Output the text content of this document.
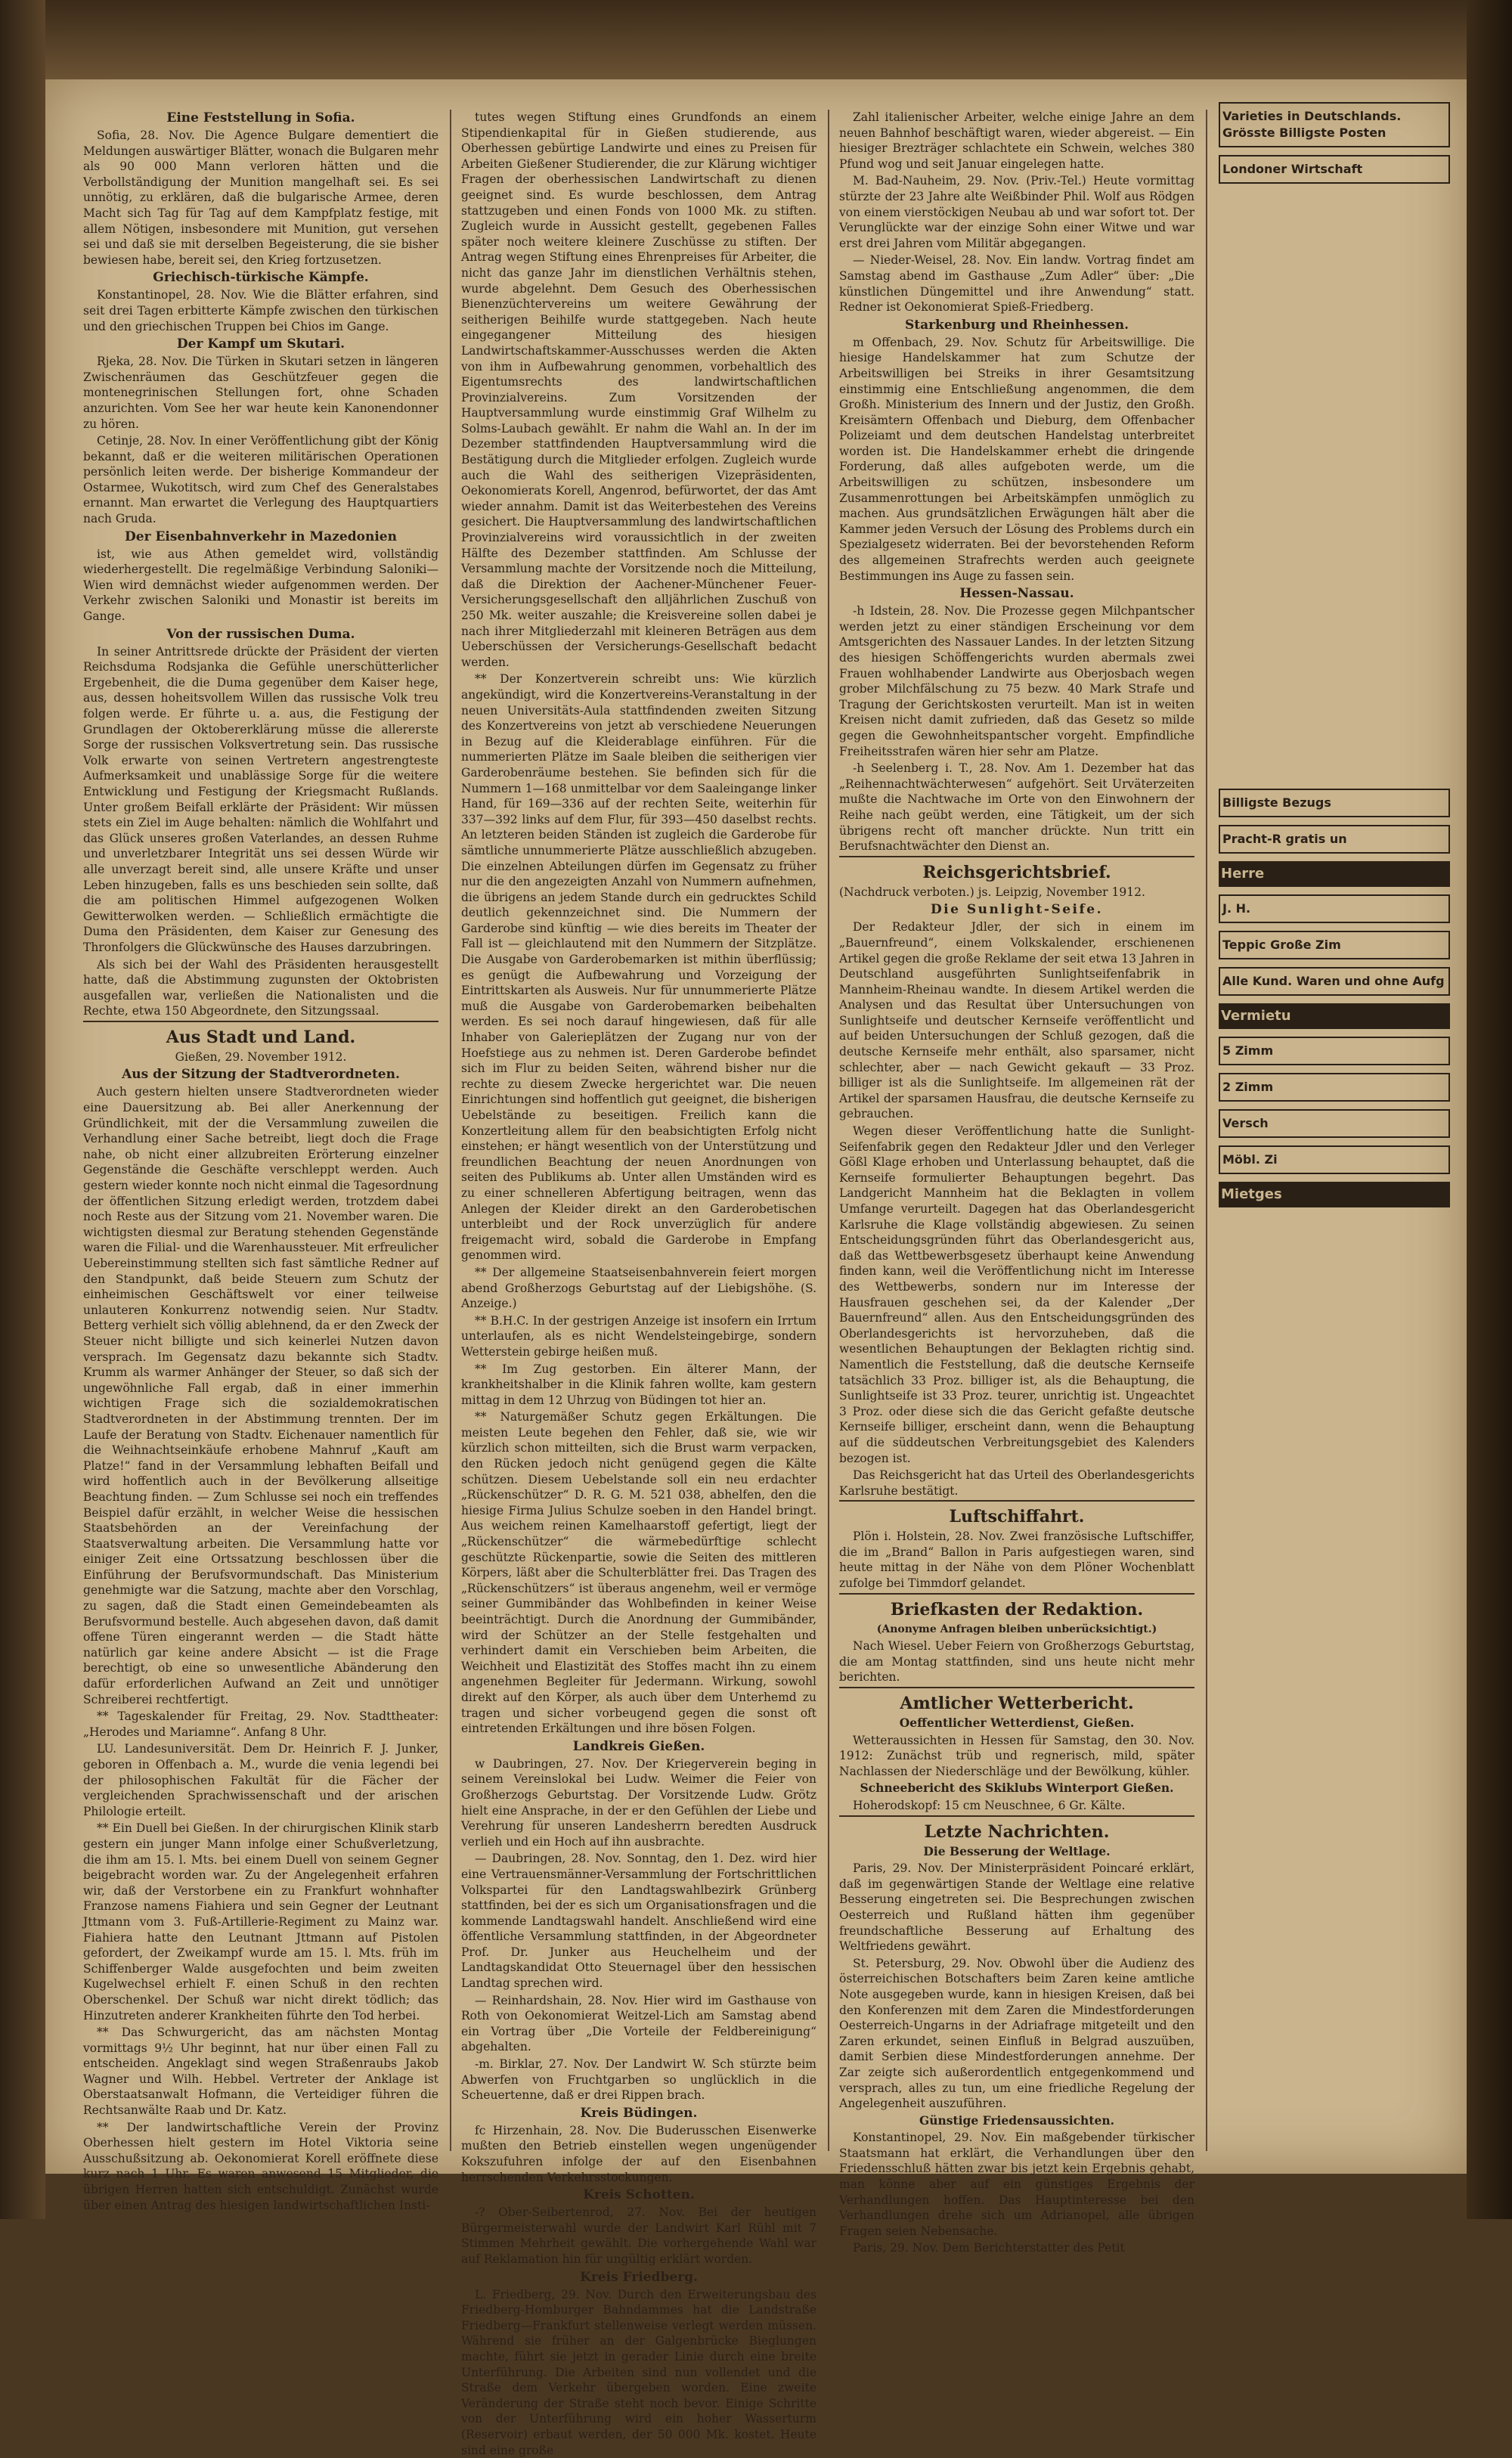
Eine Feststellung in Sofia.

Sofia, 28. Nov. Die Agence Bulgare dementiert die Meldungen auswärtiger Blätter, wonach die Bulgaren mehr als 90 000 Mann verloren hätten und die Verbollständigung der Munition mangelhaft sei. Es sei unnötig, zu erklären, daß die bulgarische Armee, deren Macht sich Tag für Tag auf dem Kampfplatz festige, mit allem Nötigen, insbesondere mit Munition, gut versehen sei und daß sie mit derselben Begeisterung, die sie bisher bewiesen habe, bereit sei, den Krieg fortzusetzen.

Griechisch-türkische Kämpfe.

Konstantinopel, 28. Nov. Wie die Blätter erfahren, sind seit drei Tagen erbitterte Kämpfe zwischen den türkischen und den griechischen Truppen bei Chios im Gange.

Der Kampf um Skutari.

Rjeka, 28. Nov. Die Türken in Skutari setzen in längeren Zwischenräumen das Geschützfeuer gegen die montenegrinischen Stellungen fort, ohne Schaden anzurichten. Vom See her war heute kein Kanonendonner zu hören.

Cetinje, 28. Nov. In einer Veröffentlichung gibt der König bekannt, daß er die weiteren militärischen Operationen persönlich leiten werde. Der bisherige Kommandeur der Ostarmee, Wukotitsch, wird zum Chef des Generalstabes ernannt. Man erwartet die Verlegung des Hauptquartiers nach Gruda.

Der Eisenbahnverkehr in Mazedonien

ist, wie aus Athen gemeldet wird, vollständig wiederhergestellt. Die regelmäßige Verbindung Saloniki—Wien wird demnächst wieder aufgenommen werden. Der Verkehr zwischen Saloniki und Monastir ist bereits im Gange.

Von der russischen Duma.

In seiner Antrittsrede drückte der Präsident der vierten Reichsduma Rodsjanka die Gefühle unerschütterlicher Ergebenheit, die die Duma gegenüber dem Kaiser hege, aus, dessen hoheitsvollem Willen das russische Volk treu folgen werde. Er führte u. a. aus, die Festigung der Grundlagen der Oktobererklärung müsse die allererste Sorge der russischen Volksvertretung sein. Das russische Volk erwarte von seinen Vertretern angestrengteste Aufmerksamkeit und unablässige Sorge für die weitere Entwicklung und Festigung der Kriegsmacht Rußlands. Unter großem Beifall erklärte der Präsident: Wir müssen stets ein Ziel im Auge behalten: nämlich die Wohlfahrt und das Glück unseres großen Vaterlandes, an dessen Ruhme und unverletzbarer Integrität uns sei dessen Würde wir alle unverzagt bereit sind, alle unsere Kräfte und unser Leben hinzugeben, falls es uns beschieden sein sollte, daß die am politischen Himmel aufgezogenen Wolken Gewitterwolken werden. — Schließlich ermächtigte die Duma den Präsidenten, dem Kaiser zur Genesung des Thronfolgers die Glückwünsche des Hauses darzubringen.

Als sich bei der Wahl des Präsidenten herausgestellt hatte, daß die Abstimmung zugunsten der Oktobristen ausgefallen war, verließen die Nationalisten und die Rechte, etwa 150 Abgeordnete, den Sitzungssaal.

Aus Stadt und Land.

Gießen, 29. November 1912.

Aus der Sitzung der Stadtverordneten.

Auch gestern hielten unsere Stadtverordneten wieder eine Dauersitzung ab. Bei aller Anerkennung der Gründlichkeit, mit der die Versammlung zuweilen die Verhandlung einer Sache betreibt, liegt doch die Frage nahe, ob nicht einer allzubreiten Erörterung einzelner Gegenstände die Geschäfte verschleppt werden. Auch gestern wieder konnte noch nicht einmal die Tagesordnung der öffentlichen Sitzung erledigt werden, trotzdem dabei noch Reste aus der Sitzung vom 21. November waren. Die wichtigsten diesmal zur Beratung stehenden Gegenstände waren die Filial- und die Warenhaussteuer. Mit erfreulicher Uebereinstimmung stellten sich fast sämtliche Redner auf den Standpunkt, daß beide Steuern zum Schutz der einheimischen Geschäftswelt vor einer teilweise unlauteren Konkurrenz notwendig seien. Nur Stadtv. Betterg verhielt sich völlig ablehnend, da er den Zweck der Steuer nicht billigte und sich keinerlei Nutzen davon versprach. Im Gegensatz dazu bekannte sich Stadtv. Krumm als warmer Anhänger der Steuer, so daß sich der ungewöhnliche Fall ergab, daß in einer immerhin wichtigen Frage sich die sozialdemokratischen Stadtverordneten in der Abstimmung trennten. Der im Laufe der Beratung von Stadtv. Eichenauer namentlich für die Weihnachtseinkäufe erhobene Mahnruf „Kauft am Platze!“ fand in der Versammlung lebhaften Beifall und wird hoffentlich auch in der Bevölkerung allseitige Beachtung finden. — Zum Schlusse sei noch ein treffendes Beispiel dafür erzählt, in welcher Weise die hessischen Staatsbehörden an der Vereinfachung der Staatsverwaltung arbeiten. Die Versammlung hatte vor einiger Zeit eine Ortssatzung beschlossen über die Einführung der Berufsvormundschaft. Das Ministerium genehmigte war die Satzung, machte aber den Vorschlag, zu sagen, daß die Stadt einen Gemeindebeamten als Berufsvormund bestelle. Auch abgesehen davon, daß damit offene Türen eingerannt werden — die Stadt hätte natürlich gar keine andere Absicht — ist die Frage berechtigt, ob eine so unwesentliche Abänderung den dafür erforderlichen Aufwand an Zeit und unnötiger Schreiberei rechtfertigt.

** Tageskalender für Freitag, 29. Nov. Stadttheater: „Herodes und Mariamne“. Anfang 8 Uhr.

LU. Landesuniversität. Dem Dr. Heinrich F. J. Junker, geboren in Offenbach a. M., wurde die venia legendi bei der philosophischen Fakultät für die Fächer der vergleichenden Sprachwissenschaft und der arischen Philologie erteilt.

** Ein Duell bei Gießen. In der chirurgischen Klinik starb gestern ein junger Mann infolge einer Schußverletzung, die ihm am 15. l. Mts. bei einem Duell von seinem Gegner beigebracht worden war. Zu der Angelegenheit erfahren wir, daß der Verstorbene ein zu Frankfurt wohnhafter Franzose namens Fiahiera und sein Gegner der Leutnant Jttmann vom 3. Fuß-Artillerie-Regiment zu Mainz war. Fiahiera hatte den Leutnant Jttmann auf Pistolen gefordert, der Zweikampf wurde am 15. l. Mts. früh im Schiffenberger Walde ausgefochten und beim zweiten Kugelwechsel erhielt F. einen Schuß in den rechten Oberschenkel. Der Schuß war nicht direkt tödlich; das Hinzutreten anderer Krankheiten führte den Tod herbei.

** Das Schwurgericht, das am nächsten Montag vormittags 9½ Uhr beginnt, hat nur über einen Fall zu entscheiden. Angeklagt sind wegen Straßenraubs Jakob Wagner und Wilh. Hebbel. Vertreter der Anklage ist Oberstaatsanwalt Hofmann, die Verteidiger führen die Rechtsanwälte Raab und Dr. Katz.

** Der landwirtschaftliche Verein der Provinz Oberhessen hielt gestern im Hotel Viktoria seine Ausschußsitzung ab. Oekonomierat Korell eröffnete diese kurz nach 1 Uhr. Es waren anwesend 15 Mitglieder, die übrigen Herren hatten sich entschuldigt. Zunächst wurde über einen Antrag des hiesigen landwirtschaftlichen Insti-

tutes wegen Stiftung eines Grundfonds an einem Stipendienkapital für in Gießen studierende, aus Oberhessen gebürtige Landwirte und eines zu Preisen für Arbeiten Gießener Studierender, die zur Klärung wichtiger Fragen der oberhessischen Landwirtschaft zu dienen geeignet sind. Es wurde beschlossen, dem Antrag stattzugeben und einen Fonds von 1000 Mk. zu stiften. Zugleich wurde in Aussicht gestellt, gegebenen Falles später noch weitere kleinere Zuschüsse zu stiften. Der Antrag wegen Stiftung eines Ehrenpreises für Arbeiter, die nicht das ganze Jahr im dienstlichen Verhältnis stehen, wurde abgelehnt. Dem Gesuch des Oberhessischen Bienenzüchtervereins um weitere Gewährung der seitherigen Beihilfe wurde stattgegeben. Nach heute eingegangener Mitteilung des hiesigen Landwirtschaftskammer-Ausschusses werden die Akten von ihm in Aufbewahrung genommen, vorbehaltlich des Eigentumsrechts des landwirtschaftlichen Provinzialvereins. Zum Vorsitzenden der Hauptversammlung wurde einstimmig Graf Wilhelm zu Solms-Laubach gewählt. Er nahm die Wahl an. In der im Dezember stattfindenden Hauptversammlung wird die Bestätigung durch die Mitglieder erfolgen. Zugleich wurde auch die Wahl des seitherigen Vizepräsidenten, Oekonomierats Korell, Angenrod, befürwortet, der das Amt wieder annahm. Damit ist das Weiterbestehen des Vereins gesichert. Die Hauptversammlung des landwirtschaftlichen Provinzialvereins wird voraussichtlich in der zweiten Hälfte des Dezember stattfinden. Am Schlusse der Versammlung machte der Vorsitzende noch die Mitteilung, daß die Direktion der Aachener-Münchener Feuer-Versicherungsgesellschaft den alljährlichen Zuschuß von 250 Mk. weiter auszahle; die Kreisvereine sollen dabei je nach ihrer Mitgliederzahl mit kleineren Beträgen aus dem Ueberschüssen der Versicherungs-Gesellschaft bedacht werden.

** Der Konzertverein schreibt uns: Wie kürzlich angekündigt, wird die Konzertvereins-Veranstaltung in der neuen Universitäts-Aula stattfindenden zweiten Sitzung des Konzertvereins von jetzt ab verschiedene Neuerungen in Bezug auf die Kleiderablage einführen. Für die nummerierten Plätze im Saale bleiben die seitherigen vier Garderobenräume bestehen. Sie befinden sich für die Nummern 1—168 unmittelbar vor dem Saaleingange linker Hand, für 169—336 auf der rechten Seite, weiterhin für 337—392 links auf dem Flur, für 393—450 daselbst rechts. An letzteren beiden Ständen ist zugleich die Garderobe für sämtliche unnummerierte Plätze ausschließlich abzugeben. Die einzelnen Abteilungen dürfen im Gegensatz zu früher nur die den angezeigten Anzahl von Nummern aufnehmen, die übrigens an jedem Stande durch ein gedrucktes Schild deutlich gekennzeichnet sind. Die Nummern der Garderobe sind künftig — wie dies bereits im Theater der Fall ist — gleichlautend mit den Nummern der Sitzplätze. Die Ausgabe von Garderobemarken ist mithin überflüssig; es genügt die Aufbewahrung und Vorzeigung der Eintrittskarten als Ausweis. Nur für unnummerierte Plätze muß die Ausgabe von Garderobemarken beibehalten werden. Es sei noch darauf hingewiesen, daß für alle Inhaber von Galerieplätzen der Zugang nur von der Hoefstiege aus zu nehmen ist. Deren Garderobe befindet sich im Flur zu beiden Seiten, während bisher nur die rechte zu diesem Zwecke hergerichtet war. Die neuen Einrichtungen sind hoffentlich gut geeignet, die bisherigen Uebelstände zu beseitigen. Freilich kann die Konzertleitung allem für den beabsichtigten Erfolg nicht einstehen; er hängt wesentlich von der Unterstützung und freundlichen Beachtung der neuen Anordnungen von seiten des Publikums ab. Unter allen Umständen wird es zu einer schnelleren Abfertigung beitragen, wenn das Anlegen der Kleider direkt an den Garderobetischen unterbleibt und der Rock unverzüglich für andere freigemacht wird, sobald die Garderobe in Empfang genommen wird.

** Der allgemeine Staatseisenbahnverein feiert morgen abend Großherzogs Geburtstag auf der Liebigshöhe. (S. Anzeige.)

** B.H.C. In der gestrigen Anzeige ist insofern ein Irrtum unterlaufen, als es nicht Wendelsteingebirge, sondern Wetterstein gebirge heißen muß.

** Im Zug gestorben. Ein älterer Mann, der krankheitshalber in die Klinik fahren wollte, kam gestern mittag in dem 12 Uhrzug von Büdingen tot hier an.

** Naturgemäßer Schutz gegen Erkältungen. Die meisten Leute begehen den Fehler, daß sie, wie wir kürzlich schon mitteilten, sich die Brust warm verpacken, den Rücken jedoch nicht genügend gegen die Kälte schützen. Diesem Uebelstande soll ein neu erdachter „Rückenschützer“ D. R. G. M. 521 038, abhelfen, den die hiesige Firma Julius Schulze soeben in den Handel bringt. Aus weichem reinen Kamelhaarstoff gefertigt, liegt der „Rückenschützer“ die wärmebedürftige schlecht geschützte Rückenpartie, sowie die Seiten des mittleren Körpers, läßt aber die Schulterblätter frei. Das Tragen des „Rückenschützers“ ist überaus angenehm, weil er vermöge seiner Gummibänder das Wohlbefinden in keiner Weise beeinträchtigt. Durch die Anordnung der Gummibänder, wird der Schützer an der Stelle festgehalten und verhindert damit ein Verschieben beim Arbeiten, die Weichheit und Elastizität des Stoffes macht ihn zu einem angenehmen Begleiter für Jedermann. Wirkung, sowohl direkt auf den Körper, als auch über dem Unterhemd zu tragen und sicher vorbeugend gegen die sonst oft eintretenden Erkältungen und ihre bösen Folgen.

Landkreis Gießen.

w Daubringen, 27. Nov. Der Kriegerverein beging in seinem Vereinslokal bei Ludw. Weimer die Feier von Großherzogs Geburtstag. Der Vorsitzende Ludw. Grötz hielt eine Ansprache, in der er den Gefühlen der Liebe und Verehrung für unseren Landesherrn beredten Ausdruck verlieh und ein Hoch auf ihn ausbrachte.

— Daubringen, 28. Nov. Sonntag, den 1. Dez. wird hier eine Vertrauensmänner-Versammlung der Fortschrittlichen Volkspartei für den Landtagswahlbezirk Grünberg stattfinden, bei der es sich um Organisationsfragen und die kommende Landtagswahl handelt. Anschließend wird eine öffentliche Versammlung stattfinden, in der Abgeordneter Prof. Dr. Junker aus Heuchelheim und der Landtagskandidat Otto Steuernagel über den hessischen Landtag sprechen wird.

— Reinhardshain, 28. Nov. Hier wird im Gasthause von Roth von Oekonomierat Weitzel-Lich am Samstag abend ein Vortrag über „Die Vorteile der Feldbereinigung“ abgehalten.

-m. Birklar, 27. Nov. Der Landwirt W. Sch stürzte beim Abwerfen von Fruchtgarben so unglücklich in die Scheuertenne, daß er drei Rippen brach.

Kreis Büdingen.

fc Hirzenhain, 28. Nov. Die Buderusschen Eisenwerke mußten den Betrieb einstellen wegen ungenügender Kokszufuhren infolge der auf den Eisenbahnen herrschenden Verkehrsstockungen.

Kreis Schotten.

-? Ober-Seibertenrod, 27. Nov. Bei der heutigen Bürgermeisterwahl wurde der Landwirt Karl Rühl mit 7 Stimmen Mehrheit gewählt. Die vorhergehende Wahl war auf Reklamation hin für ungültig erklärt worden.

Kreis Friedberg.

L. Friedberg, 29. Nov. Durch den Erweiterungsbau des Friedberg-Homburger Bahndammes hat die Landstraße Friedberg—Frankfurt stellenweise verlegt werden müssen. Während sie früher an der Galgenbrücke Bieglungen machte, führt sie jetzt in gerader Linie durch eine breite Unterführung. Die Arbeiten sind nun vollendet und die Straße dem Verkehr übergeben worden. Eine zweite Veränderung der Straße steht noch bevor. Einige Schritte von der Unterführung wird ein hoher Wasserturm (Reservoir) erbaut werden, der 50 000 Mk. kostet. Heute sind eine große

Zahl italienischer Arbeiter, welche einige Jahre an dem neuen Bahnhof beschäftigt waren, wieder abgereist. — Ein hiesiger Brezträger schlachtete ein Schwein, welches 380 Pfund wog und seit Januar eingelegen hatte.

M. Bad-Nauheim, 29. Nov. (Priv.-Tel.) Heute vormittag stürzte der 23 Jahre alte Weißbinder Phil. Wolf aus Rödgen von einem vierstöckigen Neubau ab und war sofort tot. Der Verunglückte war der einzige Sohn einer Witwe und war erst drei Jahren vom Militär abgegangen.

— Nieder-Weisel, 28. Nov. Ein landw. Vortrag findet am Samstag abend im Gasthause „Zum Adler“ über: „Die künstlichen Düngemittel und ihre Anwendung“ statt. Redner ist Oekonomierat Spieß-Friedberg.

Starkenburg und Rheinhessen.

m Offenbach, 29. Nov. Schutz für Arbeitswillige. Die hiesige Handelskammer hat zum Schutze der Arbeitswilligen bei Streiks in ihrer Gesamtsitzung einstimmig eine Entschließung angenommen, die dem Großh. Ministerium des Innern und der Justiz, den Großh. Kreisämtern Offenbach und Dieburg, dem Offenbacher Polizeiamt und dem deutschen Handelstag unterbreitet worden ist. Die Handelskammer erhebt die dringende Forderung, daß alles aufgeboten werde, um die Arbeitswilligen zu schützen, insbesondere um Zusammenrottungen bei Arbeitskämpfen unmöglich zu machen. Aus grundsätzlichen Erwägungen hält aber die Kammer jeden Versuch der Lösung des Problems durch ein Spezialgesetz widerraten. Bei der bevorstehenden Reform des allgemeinen Strafrechts werden auch geeignete Bestimmungen ins Auge zu fassen sein.

Hessen-Nassau.

-h Idstein, 28. Nov. Die Prozesse gegen Milchpantscher werden jetzt zu einer ständigen Erscheinung vor dem Amtsgerichten des Nassauer Landes. In der letzten Sitzung des hiesigen Schöffengerichts wurden abermals zwei Frauen wohlhabender Landwirte aus Oberjosbach wegen grober Milchfälschung zu 75 bezw. 40 Mark Strafe und Tragung der Gerichtskosten verurteilt. Man ist in weiten Kreisen nicht damit zufrieden, daß das Gesetz so milde gegen die Gewohnheitspantscher vorgeht. Empfindliche Freiheitsstrafen wären hier sehr am Platze.

-h Seelenberg i. T., 28. Nov. Am 1. Dezember hat das „Reihennachtwächterwesen“ aufgehört. Seit Urväterzeiten mußte die Nachtwache im Orte von den Einwohnern der Reihe nach geübt werden, eine Tätigkeit, um der sich übrigens recht oft mancher drückte. Nun tritt ein Berufsnachtwächter den Dienst an.

Reichsgerichtsbrief.

(Nachdruck verboten.) js. Leipzig, November 1912.

Die Sunlight-Seife.

Der Redakteur Jdler, der sich in einem im „Bauernfreund“, einem Volkskalender, erschienenen Artikel gegen die große Reklame der seit etwa 13 Jahren in Deutschland ausgeführten Sunlightseifenfabrik in Mannheim-Rheinau wandte. In diesem Artikel werden die Analysen und das Resultat über Untersuchungen von Sunlightseife und deutscher Kernseife veröffentlicht und auf beiden Untersuchungen der Schluß gezogen, daß die deutsche Kernseife mehr enthält, also sparsamer, nicht schlechter, aber — nach Gewicht gekauft — 33 Proz. billiger ist als die Sunlightseife. Im allgemeinen rät der Artikel der sparsamen Hausfrau, die deutsche Kernseife zu gebrauchen.

Wegen dieser Veröffentlichung hatte die Sunlight-Seifenfabrik gegen den Redakteur Jdler und den Verleger Gößl Klage erhoben und Unterlassung behauptet, daß die Kernseife formulierter Behauptungen begehrt. Das Landgericht Mannheim hat die Beklagten in vollem Umfange verurteilt. Dagegen hat das Oberlandesgericht Karlsruhe die Klage vollständig abgewiesen. Zu seinen Entscheidungsgründen führt das Oberlandesgericht aus, daß das Wettbewerbsgesetz überhaupt keine Anwendung finden kann, weil die Veröffentlichung nicht im Interesse des Wettbewerbs, sondern nur im Interesse der Hausfrauen geschehen sei, da der Kalender „Der Bauernfreund“ allen. Aus den Entscheidungsgründen des Oberlandesgerichts ist hervorzuheben, daß die wesentlichen Behauptungen der Beklagten richtig sind. Namentlich die Feststellung, daß die deutsche Kernseife tatsächlich 33 Proz. billiger ist, als die Behauptung, die Sunlightseife ist 33 Proz. teurer, unrichtig ist. Ungeachtet 3 Proz. oder diese sich die das Gericht gefaßte deutsche Kernseife billiger, erscheint dann, wenn die Behauptung auf die süddeutschen Verbreitungsgebiet des Kalenders bezogen ist.

Das Reichsgericht hat das Urteil des Oberlandesgerichts Karlsruhe bestätigt.

Luftschiffahrt.

Plön i. Holstein, 28. Nov. Zwei französische Luftschiffer, die im „Brand“ Ballon in Paris aufgestiegen waren, sind heute mittag in der Nähe von dem Plöner Wochenblatt zufolge bei Timmdorf gelandet.

Briefkasten der Redaktion.

(Anonyme Anfragen bleiben unberücksichtigt.)

Nach Wiesel. Ueber Feiern von Großherzogs Geburtstag, die am Montag stattfinden, sind uns heute nicht mehr berichten.

Amtlicher Wetterbericht.

Oeffentlicher Wetterdienst, Gießen.

Wetteraussichten in Hessen für Samstag, den 30. Nov. 1912: Zunächst trüb und regnerisch, mild, später Nachlassen der Niederschläge und der Bewölkung, kühler.

Schneebericht des Skiklubs Winterport Gießen.

Hoherodskopf: 15 cm Neuschnee, 6 Gr. Kälte.

Letzte Nachrichten.

Die Besserung der Weltlage.

Paris, 29. Nov. Der Ministerpräsident Poincaré erklärt, daß im gegenwärtigen Stande der Weltlage eine relative Besserung eingetreten sei. Die Besprechungen zwischen Oesterreich und Rußland hätten ihm gegenüber freundschaftliche Besserung auf Erhaltung des Weltfriedens gewährt.

St. Petersburg, 29. Nov. Obwohl über die Audienz des österreichischen Botschafters beim Zaren keine amtliche Note ausgegeben wurde, kann in hiesigen Kreisen, daß bei den Konferenzen mit dem Zaren die Mindestforderungen Oesterreich-Ungarns in der Adriafrage mitgeteilt und den Zaren erkundet, seinen Einfluß in Belgrad auszuüben, damit Serbien diese Mindestforderungen annehme. Der Zar zeigte sich außerordentlich entgegenkommend und versprach, alles zu tun, um eine friedliche Regelung der Angelegenheit auszuführen.

Günstige Friedensaussichten.

Konstantinopel, 29. Nov. Ein maßgebender türkischer Staatsmann hat erklärt, die Verhandlungen über den Friedensschluß hätten zwar bis jetzt kein Ergebnis gehabt, man könne aber auf ein günstiges Ergebnis der Verhandlungen hoffen. Das Hauptinteresse bei den Verhandlungen drehe sich um Adrianopel, alle übrigen Fragen seien Nebensache.

Paris, 29. Nov. Dem Berichterstatter des Petit

Varieties in Deutschlands. Grösste Billigste Posten
Londoner Wirtschaft
Billigste Bezugs
Pracht-R gratis un
Herre
J. H.
Teppic Große Zim
Alle Kund. Waren und ohne Aufg
Vermietu
5 Zimm
2 Zimm
Versch
Möbl. Zi
Mietges
